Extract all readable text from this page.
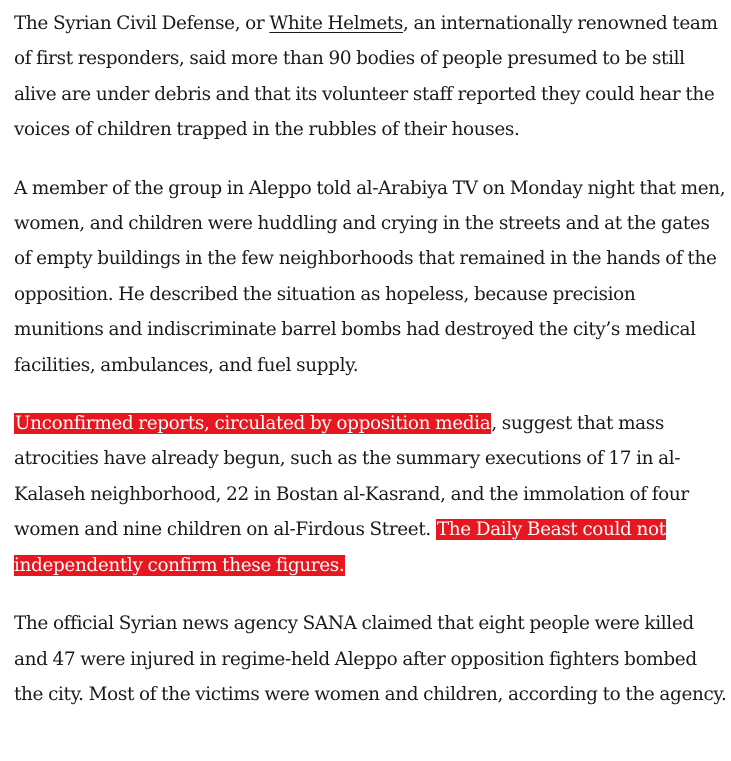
The Syrian Civil Defense, or White Helmets, an internationally renowned team of first responders, said more than 90 bodies of people presumed to be still alive are under debris and that its volunteer staff reported they could hear the voices of children trapped in the rubbles of their houses.

A member of the group in Aleppo told al-Arabiya TV on Monday night that men, women, and children were huddling and crying in the streets and at the gates of empty buildings in the few neighborhoods that remained in the hands of the opposition. He described the situation as hopeless, because precision munitions and indiscriminate barrel bombs had destroyed the city’s medical facilities, ambulances, and fuel supply.

Unconfirmed reports, circulated by opposition media, suggest that mass atrocities have already begun, such as the summary executions of 17 in al-Kalaseh neighborhood, 22 in Bostan al-Kasrand, and the immolation of four women and nine children on al-Firdous Street. The Daily Beast could not independently confirm these figures.

The official Syrian news agency SANA claimed that eight people were killed and 47 were injured in regime-held Aleppo after opposition fighters bombed the city. Most of the victims were women and children, according to the agency.
